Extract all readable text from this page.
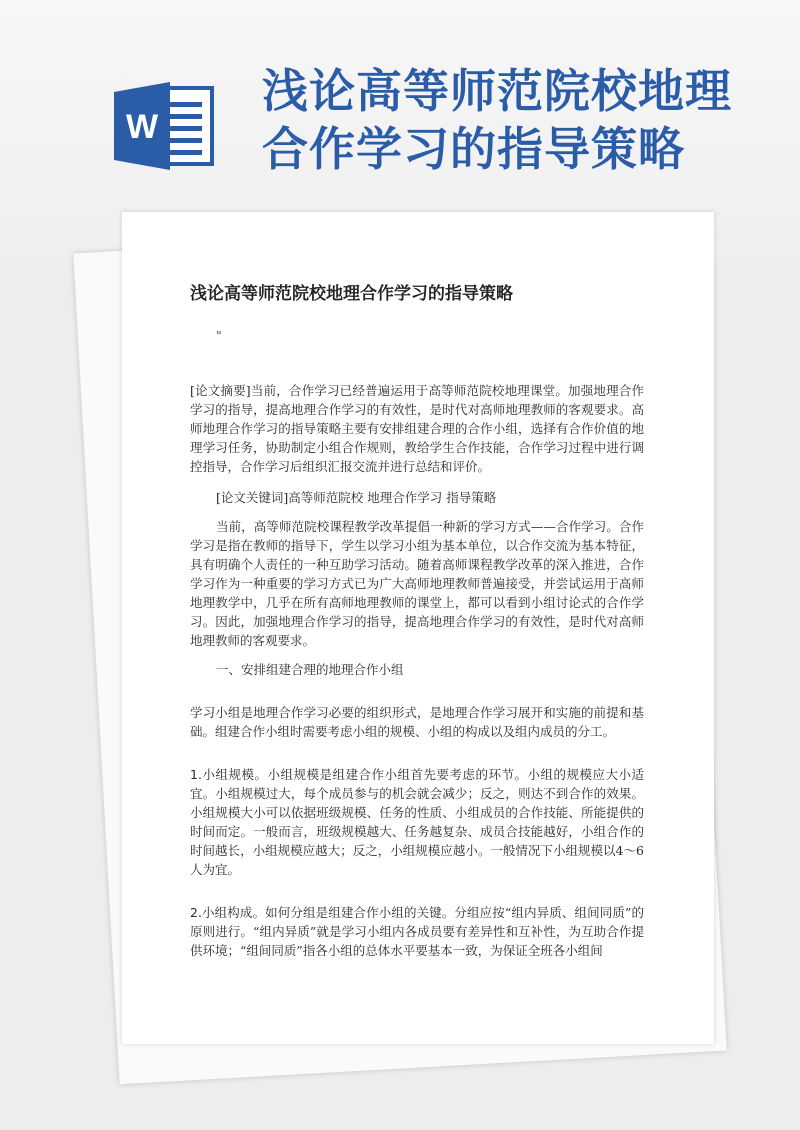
W
浅论高等师范院校地理
合作学习的指导策略
浅论高等师范院校地理合作学习的指导策略
"

[论文摘要]当前，合作学习已经普遍运用于高等师范院校地理课堂。加强地理合作学习的指导，提高地理合作学习的有效性，是时代对高师地理教师的客观要求。高师地理合作学习的指导策略主要有安排组建合理的合作小组，选择有合作价值的地理学习任务，协助制定小组合作规则，教给学生合作技能，合作学习过程中进行调控指导，合作学习后组织汇报交流并进行总结和评价。

[论文关键词]高等师范院校 地理合作学习 指导策略

当前，高等师范院校课程教学改革提倡一种新的学习方式——合作学习。合作学习是指在教师的指导下，学生以学习小组为基本单位，以合作交流为基本特征，具有明确个人责任的一种互助学习活动。随着高师课程教学改革的深入推进，合作学习作为一种重要的学习方式已为广大高师地理教师普遍接受，并尝试运用于高师地理教学中，几乎在所有高师地理教师的课堂上，都可以看到小组讨论式的合作学习。因此，加强地理合作学习的指导，提高地理合作学习的有效性，是时代对高师地理教师的客观要求。

一、安排组建合理的地理合作小组

学习小组是地理合作学习必要的组织形式，是地理合作学习展开和实施的前提和基础。组建合作小组时需要考虑小组的规模、小组的构成以及组内成员的分工。

1.小组规模。小组规模是组建合作小组首先要考虑的环节。小组的规模应大小适宜。小组规模过大，每个成员参与的机会就会减少；反之，则达不到合作的效果。小组规模大小可以依据班级规模、任务的性质、小组成员的合作技能、所能提供的时间而定。一般而言，班级规模越大、任务越复杂、成员合技能越好，小组合作的时间越长，小组规模应越大；反之，小组规模应越小。一般情况下小组规模以4～6人为宜。

2.小组构成。如何分组是组建合作小组的关键。分组应按“组内异质、组间同质”的原则进行。“组内异质”就是学习小组内各成员要有差异性和互补性，为互助合作提供环境；“组间同质”指各小组的总体水平要基本一致，为保证全班各小组间
